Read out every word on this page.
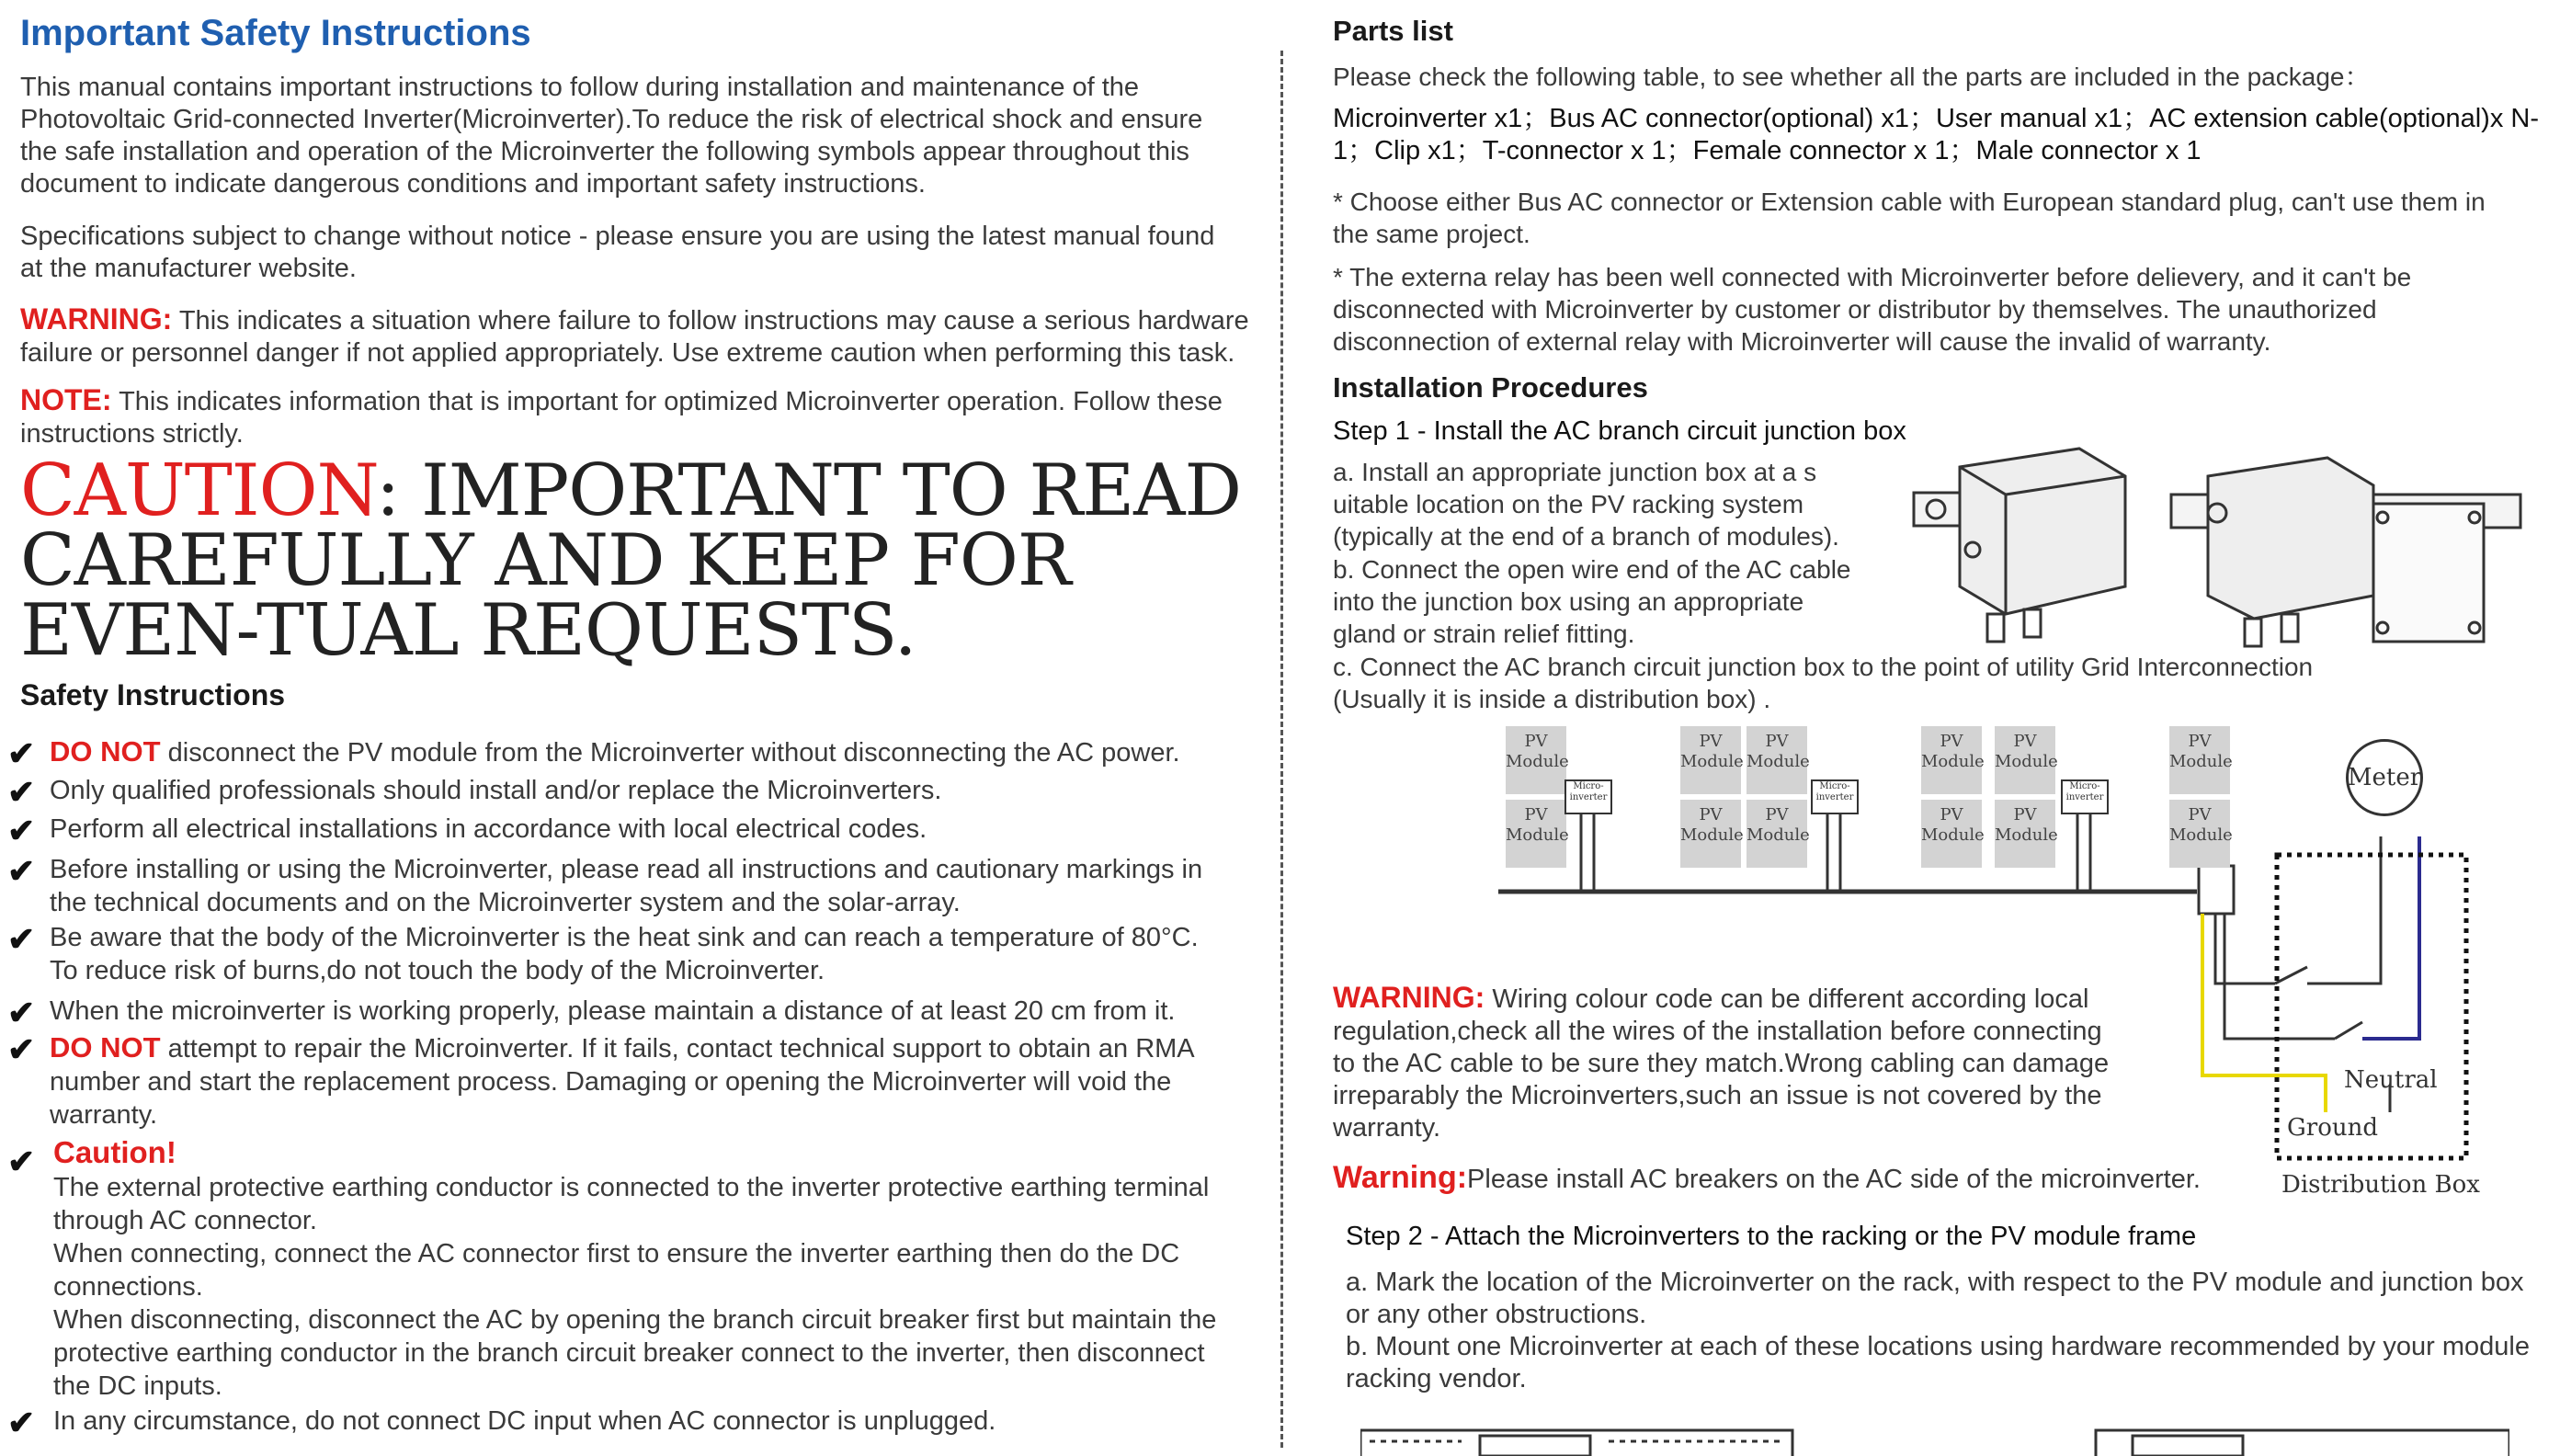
Important Safety Instructions
This manual contains important instructions to follow during installation and maintenance of the Photovoltaic Grid-connected Inverter(Microinverter).To reduce the risk of electrical shock and ensure the safe installation and operation of the Microinverter the following symbols appear throughout this document to indicate dangerous conditions and important safety instructions.
Specifications subject to change without notice - please ensure you are using the latest manual found at the manufacturer website.
WARNING: This indicates a situation where failure to follow instructions may cause a serious hardware failure or personnel danger if not applied appropriately. Use extreme caution when performing this task.
NOTE: This indicates information that is important for optimized Microinverter operation. Follow these instructions strictly.
CAUTION: IMPORTANT TO READ CAREFULLY AND KEEP FOR EVEN-TUAL REQUESTS.
Safety Instructions
✔ DO NOT disconnect the PV module from the Microinverter without disconnecting the AC power.
✔ Only qualified professionals should install and/or replace the Microinverters.
✔ Perform all electrical installations in accordance with local electrical codes.
✔ Before installing or using the Microinverter, please read all instructions and cautionary markings in the technical documents and on the Microinverter system and the solar-array.
✔ Be aware that the body of the Microinverter is the heat sink and can reach a temperature of 80°C. To reduce risk of burns,do not touch the body of the Microinverter.
✔ When the microinverter is working properly, please maintain a distance of at least 20 cm from it.
✔ DO NOT attempt to repair the Microinverter. If it fails, contact technical support to obtain an RMA number and start the replacement process. Damaging or opening the Microinverter will void the warranty.
✔ Caution!
The external protective earthing conductor is connected to the inverter protective earthing terminal through AC connector.
When connecting, connect the AC connector first to ensure the inverter earthing then do the DC connections.
When disconnecting, disconnect the AC by opening the branch circuit breaker first but maintain the protective earthing conductor in the branch circuit breaker connect to the inverter, then disconnect the DC inputs.
✔ In any circumstance, do not connect DC input when AC connector is unplugged.
Parts list
Please check the following table, to see whether all the parts are included in the package：
Microinverter x1；Bus AC connector(optional) x1；User manual x1；AC extension cable(optional)x N-1；Clip x1；T-connector x 1；Female connector x 1；Male connector x 1
* Choose either Bus AC connector or Extension cable with European standard plug, can't use them in the same project.
* The externa relay has been well connected with Microinverter before delievery, and it can't be disconnected with Microinverter by customer or distributor by themselves. The unauthorized disconnection of external relay with Microinverter will cause the invalid of warranty.
Installation Procedures
Step 1 - Install the AC branch circuit junction box
a. Install an appropriate junction box at a s uitable location on the PV racking system (typically at the end of a branch of modules).
b. Connect the open wire end of the AC cable into the junction box using an appropriate gland or strain relief fitting.
c. Connect the AC branch circuit junction box to the point of utility Grid Interconnection (Usually it is inside a distribution box) .
PV Module
PV Module
PV Module
PV Module
PV Module
PV Module
PV Module
PV Module
PV Module
PV Module
PV Module
PV Module
Micro-inverter
Micro-inverter
Micro-inverter
Meter
Neutral
Ground
Distribution Box
WARNING: Wiring colour code can be different according local regulation,check all the wires of the installation before connecting to the AC cable to be sure they match.Wrong cabling can damage irreparably the Microinverters,such an issue is not covered by the warranty.
Warning:Please install AC breakers on the AC side of the microinverter.
Step 2 - Attach the Microinverters to the racking or the PV module frame
a. Mark the location of the Microinverter on the rack, with respect to the PV module and junction box or any other obstructions.
b. Mount one Microinverter at each of these locations using hardware recommended by your module racking vendor.
